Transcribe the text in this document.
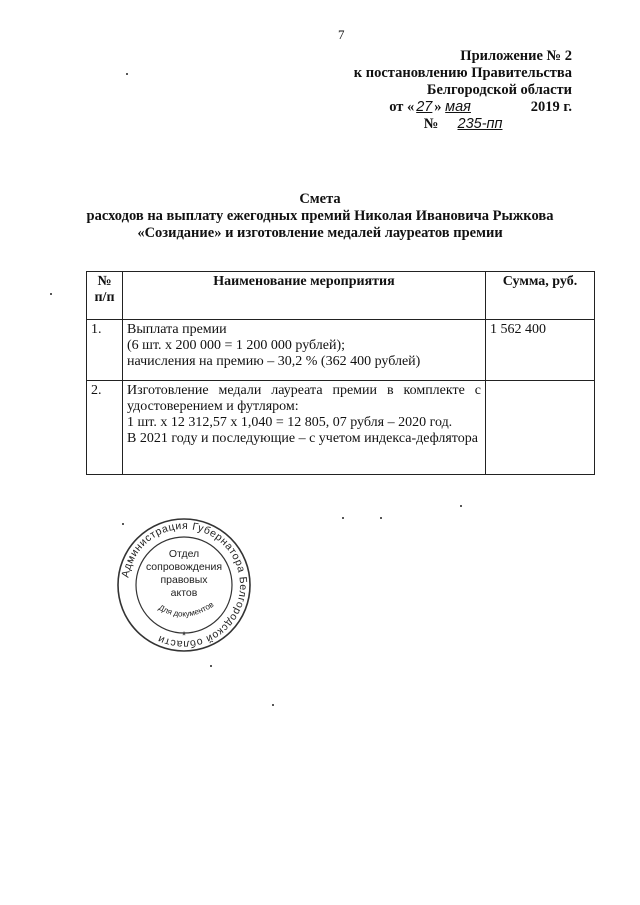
7
Приложение № 2
к постановлению Правительства
Белгородской области
от « 27 » мая	2019 г.
№ 235-пп
Смета
расходов на выплату ежегодных премий Николая Ивановича Рыжкова
«Созидание» и изготовление медалей лауреатов премии
№ п/п	Наименование мероприятия	Сумма, руб.
1.	Выплата премии
(6 шт. х 200 000 = 1 200 000 рублей);
начисления на премию – 30,2 % (362 400 рублей)	1 562 400
2.	Изготовление медали лауреата премии в комплекте с удостоверением и футляром:
1 шт. х 12 312,57 х 1,040 = 12 805, 07 рубля – 2020 год.
В 2021 году и последующие – с учетом индекса-дефлятора	

Администрация Губернатора Белгородской области
Отдел
сопровождения
правовых
актов
Для документов
*
